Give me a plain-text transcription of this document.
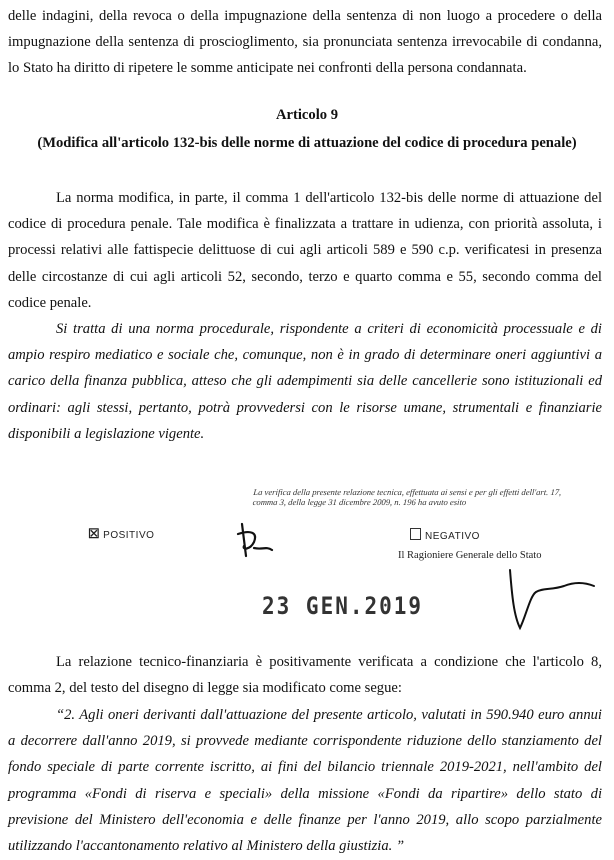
delle indagini, della revoca o della impugnazione della sentenza di non luogo a procedere o della
impugnazione della sentenza di proscioglimento, sia pronunciata sentenza irrevocabile di condanna,
lo Stato ha diritto di ripetere le somme anticipate nei confronti della persona condannata.
Articolo 9
(Modifica all'articolo 132-bis delle norme di attuazione del codice di procedura penale)
La norma modifica, in parte, il comma 1 dell'articolo 132-bis delle norme di attuazione del
codice di procedura penale. Tale modifica è finalizzata a trattare in udienza, con priorità assoluta, i
processi relativi alle fattispecie delittuose di cui agli articoli 589 e 590 c.p. verificatesi in presenza
delle circostanze di cui agli articoli 52, secondo, terzo e quarto comma e 55, secondo comma del
codice penale.
Si tratta di una norma procedurale, rispondente a criteri di economicità processuale e di
ampio respiro mediatico e sociale che, comunque, non è in grado di determinare oneri aggiuntivi a
carico della finanza pubblica, atteso che gli adempimenti sia delle cancellerie sono istituzionali ed
ordinari: agli stessi, pertanto, potrà provvedersi con le risorse umane, strumentali e finanziarie
disponibili a legislazione vigente.
La verifica della presente relazione tecnica, effettuata ai sensi e per gli effetti dell'art. 17, comma 3, della legge 31 dicembre 2009, n. 196 ha avuto esito
☒ POSITIVO	NEGATIVO
Il Ragioniere Generale dello Stato
23 GEN.2019
La relazione tecnico-finanziaria è positivamente verificata a condizione che l'articolo 8,
comma 2, del testo del disegno di legge sia modificato come segue:
“2. Agli oneri derivanti dall'attuazione del presente articolo, valutati in 590.940 euro annui
a decorrere dall'anno 2019, si provvede mediante corrispondente riduzione dello stanziamento del
fondo speciale di parte corrente iscritto, ai fini del bilancio triennale 2019-2021, nell'ambito del
programma «Fondi di riserva e speciali» della missione «Fondi da ripartire» dello stato di
previsione del Ministero dell'economia e delle finanze per l'anno 2019, allo scopo parzialmente
utilizzando l'accantonamento relativo al Ministero della giustizia. ”
